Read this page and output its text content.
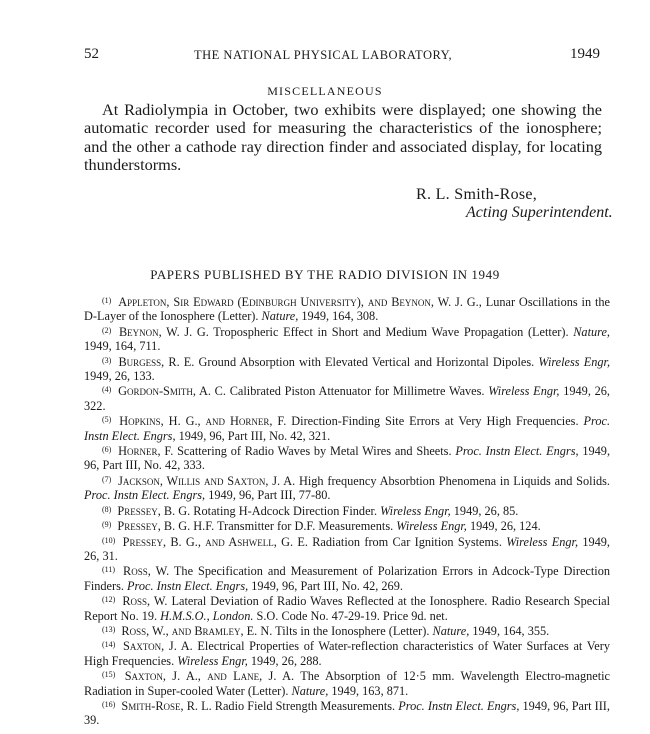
52	THE NATIONAL PHYSICAL LABORATORY,	1949
MISCELLANEOUS

At Radiolympia in October, two exhibits were displayed; one showing the automatic recorder used for measuring the characteristics of the ionosphere; and the other a cathode ray direction finder and associated display, for locating thunderstorms.

R. L. Smith-Rose,
Acting Superintendent.
PAPERS PUBLISHED BY THE RADIO DIVISION IN 1949

$^{(1)}$ Appleton, Sir Edward (Edinburgh University), and Beynon, W. J. G., Lunar Oscillations in the D-Layer of the Ionosphere (Letter). Nature, 1949, 164, 308.

$^{(2)}$ Beynon, W. J. G. Tropospheric Effect in Short and Medium Wave Propagation (Letter). Nature, 1949, 164, 711.

$^{(3)}$ Burgess, R. E. Ground Absorption with Elevated Vertical and Horizontal Dipoles. Wireless Engr, 1949, 26, 133.

$^{(4)}$ Gordon-Smith, A. C. Calibrated Piston Attenuator for Millimetre Waves. Wireless Engr, 1949, 26, 322.

$^{(5)}$ Hopkins, H. G., and Horner, F. Direction-Finding Site Errors at Very High Frequencies. Proc. Instn Elect. Engrs, 1949, 96, Part III, No. 42, 321.

$^{(6)}$ Horner, F. Scattering of Radio Waves by Metal Wires and Sheets. Proc. Instn Elect. Engrs, 1949, 96, Part III, No. 42, 333.

$^{(7)}$ Jackson, Willis and Saxton, J. A. High frequency Absorbtion Phenomena in Liquids and Solids. Proc. Instn Elect. Engrs, 1949, 96, Part III, 77-80.

$^{(8)}$ Pressey, B. G. Rotating H-Adcock Direction Finder. Wireless Engr, 1949, 26, 85.

$^{(9)}$ Pressey, B. G. H.F. Transmitter for D.F. Measurements. Wireless Engr, 1949, 26, 124.

$^{(10)}$ Pressey, B. G., and Ashwell, G. E. Radiation from Car Ignition Systems. Wireless Engr, 1949, 26, 31.

$^{(11)}$ Ross, W. The Specification and Measurement of Polarization Errors in Adcock-Type Direction Finders. Proc. Instn Elect. Engrs, 1949, 96, Part III, No. 42, 269.

$^{(12)}$ Ross, W. Lateral Deviation of Radio Waves Reflected at the Ionosphere. Radio Research Special Report No. 19. H.M.S.O., London. S.O. Code No. 47-29-19. Price 9d. net.

$^{(13)}$ Ross, W., and Bramley, E. N. Tilts in the Ionosphere (Letter). Nature, 1949, 164, 355.

$^{(14)}$ Saxton, J. A. Electrical Properties of Water-reflection characteristics of Water Surfaces at Very High Frequencies. Wireless Engr, 1949, 26, 288.

$^{(15)}$ Saxton, J. A., and Lane, J. A. The Absorption of 12·5 mm. Wavelength Electro-magnetic Radiation in Super-cooled Water (Letter). Nature, 1949, 163, 871.

$^{(16)}$ Smith-Rose, R. L. Radio Field Strength Measurements. Proc. Instn Elect. Engrs, 1949, 96, Part III, 39.
